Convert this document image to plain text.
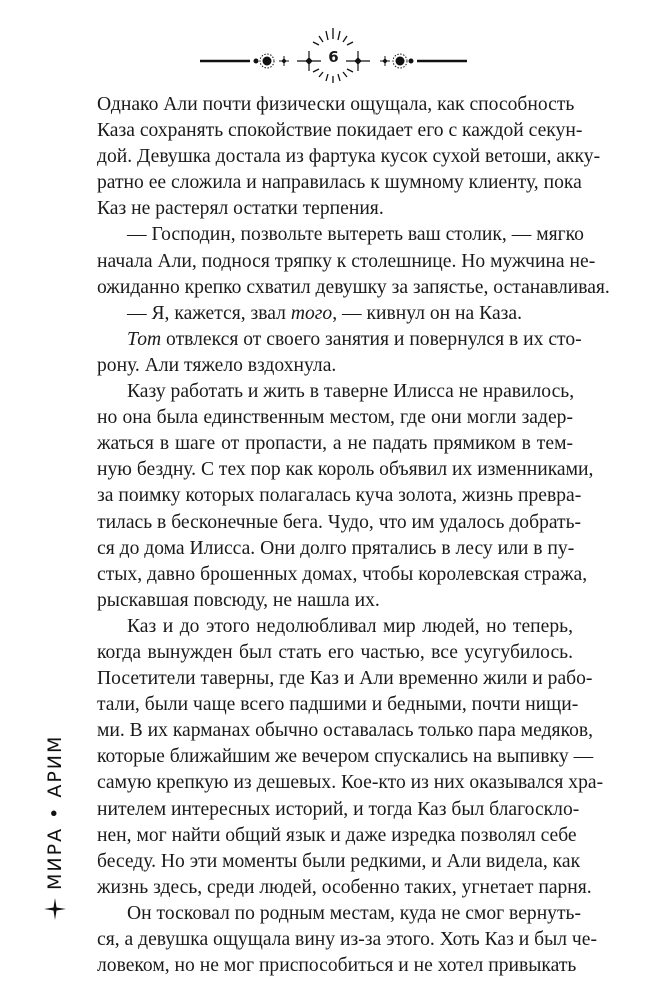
6
Однако Али почти физически ощущала, как способность
Каза сохранять спокойствие покидает его с каждой секун-
дой. Девушка достала из фартука кусок сухой ветоши, акку-
ратно ее сложила и направилась к шумному клиенту, пока
Каз не растерял остатки терпения.
— Господин, позвольте вытереть ваш столик, — мягко
начала Али, поднося тряпку к столешнице. Но мужчина не-
ожиданно крепко схватил девушку за запястье, останавливая.
— Я, кажется, звал того, — кивнул он на Каза.
Тот отвлекся от своего занятия и повернулся в их сто-
рону. Али тяжело вздохнула.
Казу работать и жить в таверне Илисса не нравилось,
но она была единственным местом, где они могли задер-
жаться в шаге от пропасти, а не падать прямиком в тем-
ную бездну. С тех пор как король объявил их изменниками,
за поимку которых полагалась куча золота, жизнь превра-
тилась в бесконечные бега. Чудо, что им удалось добрать-
ся до дома Илисса. Они долго прятались в лесу или в пу-
стых, давно брошенных домах, чтобы королевская стража,
рыскавшая повсюду, не нашла их.
Каз и до этого недолюбливал мир людей, но теперь,
когда вынужден был стать его частью, все усугубилось.
Посетители таверны, где Каз и Али временно жили и рабо-
тали, были чаще всего падшими и бедными, почти нищи-
ми. В их карманах обычно оставалась только пара медяков,
которые ближайшим же вечером спускались на выпивку —
самую крепкую из дешевых. Кое-кто из них оказывался хра-
нителем интересных историй, и тогда Каз был благоскло-
нен, мог найти общий язык и даже изредка позволял себе
беседу. Но эти моменты были редкими, и Али видела, как
жизнь здесь, среди людей, особенно таких, угнетает парня.
Он тосковал по родным местам, куда не смог вернуть-
ся, а девушка ощущала вину из-за этого. Хоть Каз и был че-
ловеком, но не мог приспособиться и не хотел привыкать
МИРА • АРИМ
